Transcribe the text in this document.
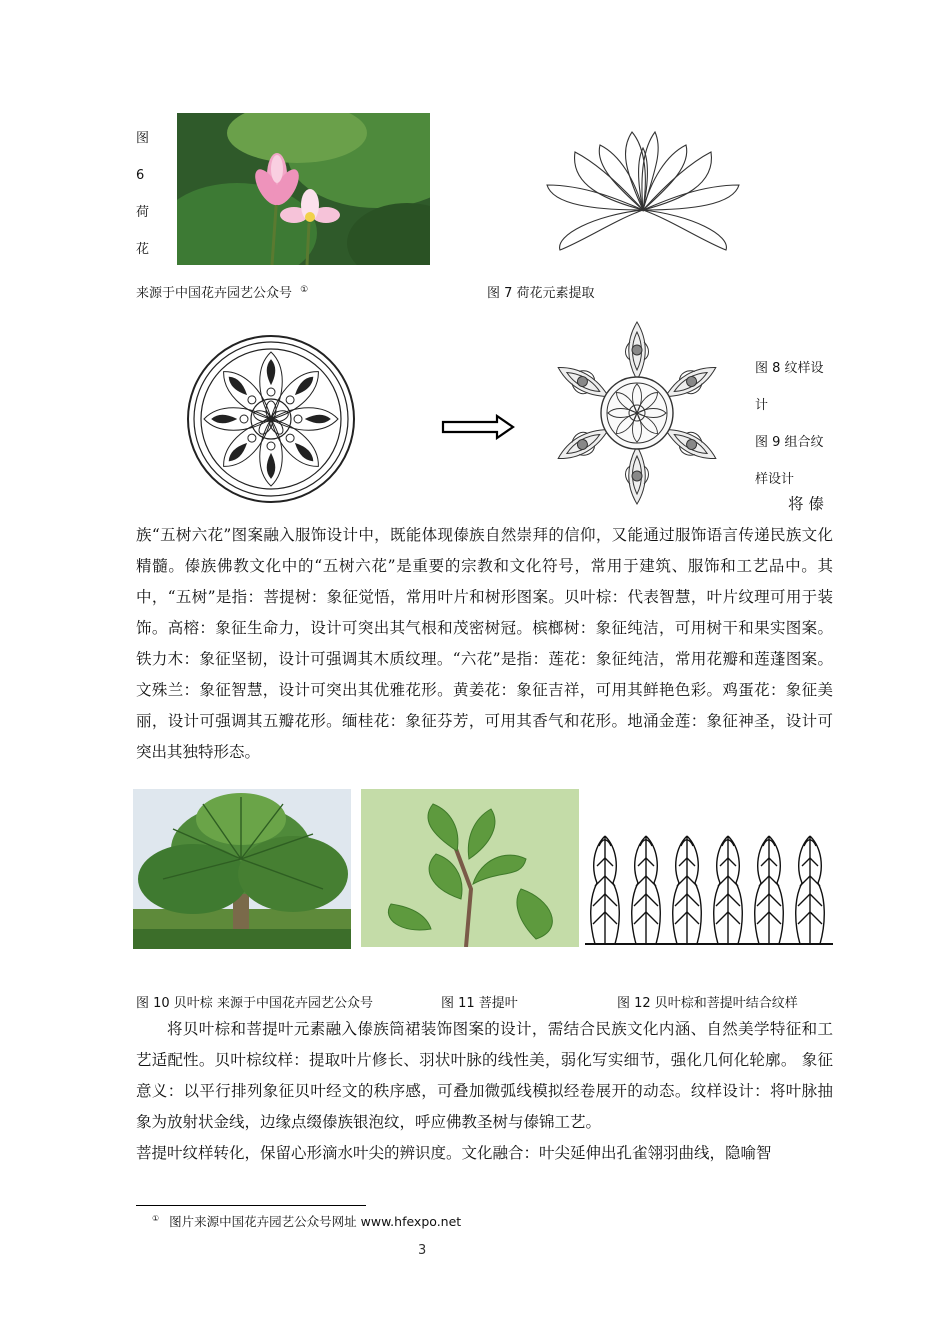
图
6
荷
花
来源于中国花卉园艺公众号 ①	图 7 荷花元素提取
图 8 纹样设
计
图 9 组合纹
样设计
将 傣
族“五树六花”图案融入服饰设计中，既能体现傣族自然崇拜的信仰，又能通过服饰语言传递民族文化精髓。傣族佛教文化中的“五树六花”是重要的宗教和文化符号，常用于建筑、服饰和工艺品中。其中，“五树”是指：菩提树：象征觉悟，常用叶片和树形图案。贝叶棕：代表智慧，叶片纹理可用于装饰。高榕：象征生命力，设计可突出其气根和茂密树冠。槟榔树：象征纯洁，可用树干和果实图案。铁力木：象征坚韧，设计可强调其木质纹理。“六花”是指：莲花：象征纯洁，常用花瓣和莲蓬图案。文殊兰：象征智慧，设计可突出其优雅花形。黄姜花：象征吉祥，可用其鲜艳色彩。鸡蛋花：象征美丽，设计可强调其五瓣花形。缅桂花：象征芬芳，可用其香气和花形。地涌金莲：象征神圣，设计可突出其独特形态。
图 10 贝叶棕 来源于中国花卉园艺公众号	图 11 菩提叶	图 12 贝叶棕和菩提叶结合纹样
将贝叶棕和菩提叶元素融入傣族筒裙装饰图案的设计，需结合民族文化内涵、自然美学特征和工艺适配性。贝叶棕纹样：提取叶片修长、羽状叶脉的线性美，弱化写实细节，强化几何化轮廓。 象征意义：以平行排列象征贝叶经文的秩序感，可叠加微弧线模拟经卷展开的动态。纹样设计：将叶脉抽象为放射状金线，边缘点缀傣族银泡纹，呼应佛教圣树与傣锦工艺。
菩提叶纹样转化，保留心形滴水叶尖的辨识度。文化融合：叶尖延伸出孔雀翎羽曲线，隐喻智
① 图片来源中国花卉园艺公众号网址 www.hfexpo.net
3
